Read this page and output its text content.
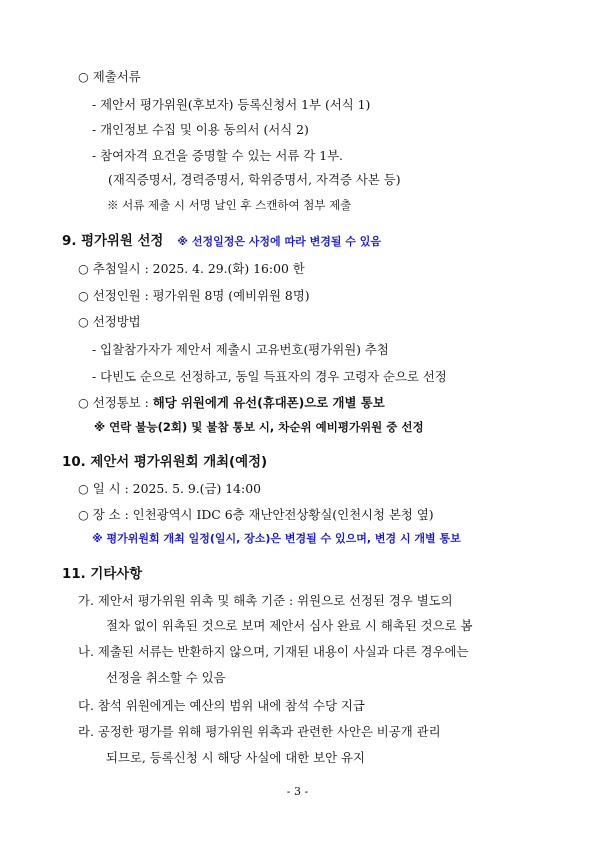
○ 제출서류
- 제안서 평가위원(후보자) 등록신청서 1부 (서식 1)
- 개인정보 수집 및 이용 동의서 (서식 2)
- 참여자격 요건을 증명할 수 있는 서류 각 1부.
(재직증명서, 경력증명서, 학위증명서, 자격증 사본 등)
※ 서류 제출 시 서명 날인 후 스캔하여 첨부 제출
9. 평가위원 선정 ※ 선정일정은 사정에 따라 변경될 수 있음
○ 추첨일시 : 2025. 4. 29.(화) 16:00 한
○ 선정인원 : 평가위원 8명 (예비위원 8명)
○ 선정방법
- 입찰참가자가 제안서 제출시 고유번호(평가위원) 추첨
- 다빈도 순으로 선정하고, 동일 득표자의 경우 고령자 순으로 선정
○ 선정통보 : 해당 위원에게 유선(휴대폰)으로 개별 통보
※ 연락 불능(2회) 및 불참 통보 시, 차순위 예비평가위원 중 선정
10. 제안서 평가위원회 개최(예정)
○ 일 시 : 2025. 5. 9.(금) 14:00
○ 장 소 : 인천광역시 IDC 6층 재난안전상황실(인천시청 본청 옆)
※ 평가위원회 개최 일정(일시, 장소)은 변경될 수 있으며, 변경 시 개별 통보
11. 기타사항
가. 제안서 평가위원 위촉 및 해촉 기준 : 위원으로 선정된 경우 별도의
절차 없이 위촉된 것으로 보며 제안서 심사 완료 시 해촉된 것으로 봄
나. 제출된 서류는 반환하지 않으며, 기재된 내용이 사실과 다른 경우에는
선정을 취소할 수 있음
다. 참석 위원에게는 예산의 범위 내에 참석 수당 지급
라. 공정한 평가를 위해 평가위원 위촉과 관련한 사안은 비공개 관리
되므로, 등록신청 시 해당 사실에 대한 보안 유지
- 3 -
